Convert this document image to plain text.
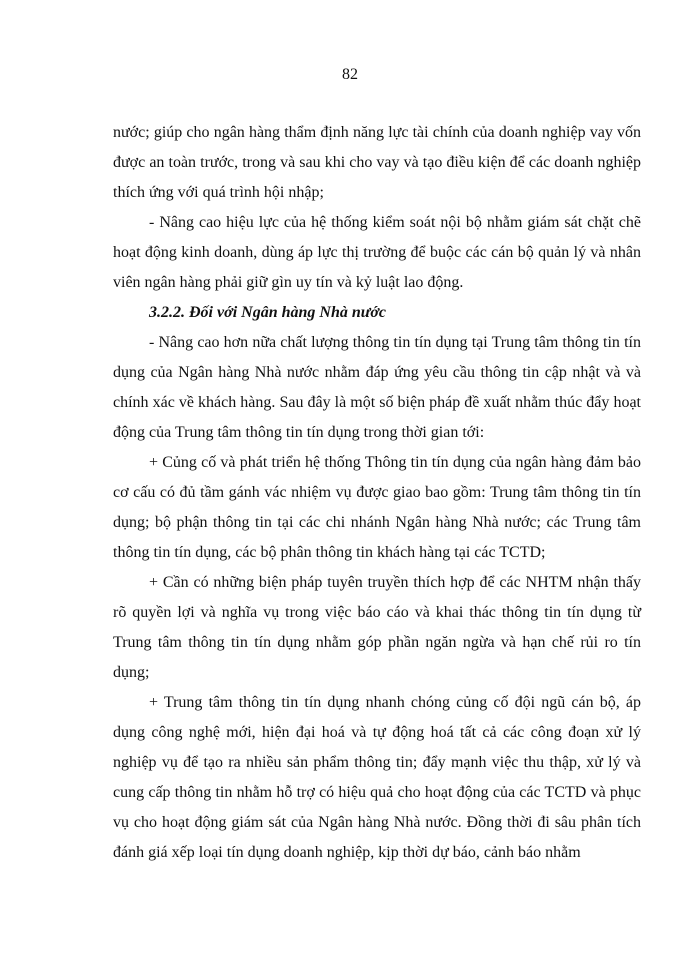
82

nước; giúp cho ngân hàng thẩm định năng lực tài chính của doanh nghiệp vay vốn được an toàn trước, trong và sau khi cho vay và tạo điều kiện để các doanh nghiệp thích ứng với quá trình hội nhập;

- Nâng cao hiệu lực của hệ thống kiểm soát nội bộ nhằm giám sát chặt chẽ hoạt động kinh doanh, dùng áp lực thị trường để buộc các cán bộ quản lý và nhân viên ngân hàng phải giữ gìn uy tín và kỷ luật lao động.

3.2.2. Đối với Ngân hàng Nhà nước

- Nâng cao hơn nữa chất lượng thông tin tín dụng tại Trung tâm thông tin tín dụng của Ngân hàng Nhà nước nhằm đáp ứng yêu cầu thông tin cập nhật và và chính xác về khách hàng. Sau đây là một số biện pháp đề xuất nhằm thúc đẩy hoạt động của Trung tâm thông tin tín dụng trong thời gian tới:

+ Củng cố và phát triển hệ thống Thông tin tín dụng của ngân hàng đảm bảo cơ cấu có đủ tầm gánh vác nhiệm vụ được giao bao gồm: Trung tâm thông tin tín dụng; bộ phận thông tin tại các chi nhánh Ngân hàng Nhà nước; các Trung tâm thông tin tín dụng, các bộ phân thông tin khách hàng tại các TCTD;

+ Cần có những biện pháp tuyên truyền thích hợp để các NHTM nhận thấy rõ quyền lợi và nghĩa vụ trong việc báo cáo và khai thác thông tin tín dụng từ Trung tâm thông tin tín dụng nhằm góp phần ngăn ngừa và hạn chế rủi ro tín dụng;

+ Trung tâm thông tin tín dụng nhanh chóng củng cố đội ngũ cán bộ, áp dụng công nghệ mới, hiện đại hoá và tự động hoá tất cả các công đoạn xử lý nghiệp vụ để tạo ra nhiều sản phẩm thông tin; đẩy mạnh việc thu thập, xử lý và cung cấp thông tin nhằm hỗ trợ có hiệu quả cho hoạt động của các TCTD và phục vụ cho hoạt động giám sát của Ngân hàng Nhà nước. Đồng thời đi sâu phân tích đánh giá xếp loại tín dụng doanh nghiệp, kịp thời dự báo, cảnh báo nhằm
